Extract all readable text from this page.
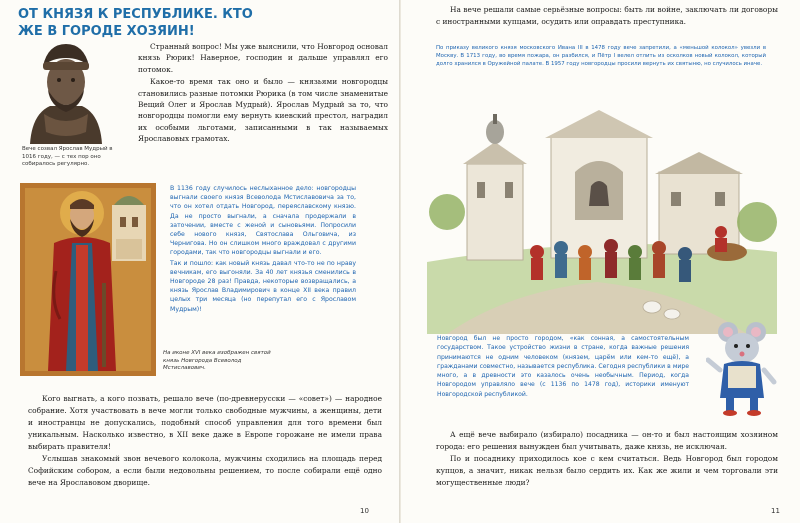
ОТ КНЯЗЯ К РЕСПУБЛИКЕ. КТО ЖЕ В ГОРОДЕ ХОЗЯИН!

Вече созвал Ярослав Мудрый в 1016 году, — с тех пор оно собиралось регулярно.

Странный вопрос! Мы уже выяснили, что Новгород основал князь Рюрик! Наверное, господин и дальше управлял его потомок.

Какое-то время так оно и было — князьями новгородцы становились разные потомки Рюрика (в том числе знаменитые Вещий Олег и Ярослав Мудрый). Ярослав Мудрый за то, что новгородцы помогли ему вернуть киевский престол, наградил их особыми льготами, записанными в так называемых Ярославовых грамотах.

В 1136 году случилось неслыханное дело: новгородцы выгнали своего князя Всеволода Мстиславовича за то, что он хотел отдать Новгород, переяславскому князю. Да не просто выгнали, а сначала продержали в заточении, вместе с женой и сыновьями. Попросили себе нового князя, Святослава Ольговича, из Чернигова. Но он слишком много враждовал с другими городами, так что новгородцы выгнали и его.

Так и пошло: как новый князь давал что-то не по нраву вечникам, его выгоняли. За 40 лет князья сменились в Новгороде 28 раз! Правда, некоторые возвращались, а князь Ярослав Владимирович в конце XII века правил целых три месяца (но перепутал его с Ярославом Мудрым)!

На иконе XVI века изображен святой князь Новгорода Всеволод Мстиславович.

Кого выгнать, а кого позвать, решало вече (по-древнерусски — «совет») — народное собрание. Хотя участвовать в вече могли только свободные мужчины, а женщины, дети и иностранцы не допускались, подобный способ управления для того времени был уникальным. Насколько известно, в XII веке даже в Европе горожане не имели права выбирать правителя!

Услышав знакомый звон вечевого колокола, мужчины сходились на площадь перед Софийским собором, а если были недовольны решением, то после собирали ещё одно вече на Ярославовом дворище.

10

На вече решали самые серьёзные вопросы: быть ли войне, заключать ли договоры с иностранными купцами, осудить или оправдать преступника.

По приказу великого князя московского Ивана III в 1478 году вече запретили, а «меньшой колокол» увезли в Москву. В 1713 году, во время пожара, он разбился, и Пётр I велел отлить из осколков новый колокол, который долго хранился в Оружейной палате. В 1957 году новгородцы просили вернуть их святыню, но случилось иначе.

Новгород был не просто городом, «как сонная, а самостоятельным государством. Такое устройство жизни в стране, когда важные решения принимаются не одним человеком (князем, царём или кем-то ещё), а гражданами совместно, называется республика. Сегодня республики в мире много, а в древности это казалось очень необычным. Период, когда Новгородом управляло вече (с 1136 по 1478 год), историки именуют Новгородской республикой.

А ещё вече выбирало (избирало) посадника — он-то и был настоящим хозяином города: его решения вынужден был учитывать, даже князь, не исключая.

По и посаднику приходилось кое с кем считаться. Ведь Новгород был городом купцов, а значит, никак нельзя было сердить их. Как же жили и чем торговали эти могущественные люди?

11
